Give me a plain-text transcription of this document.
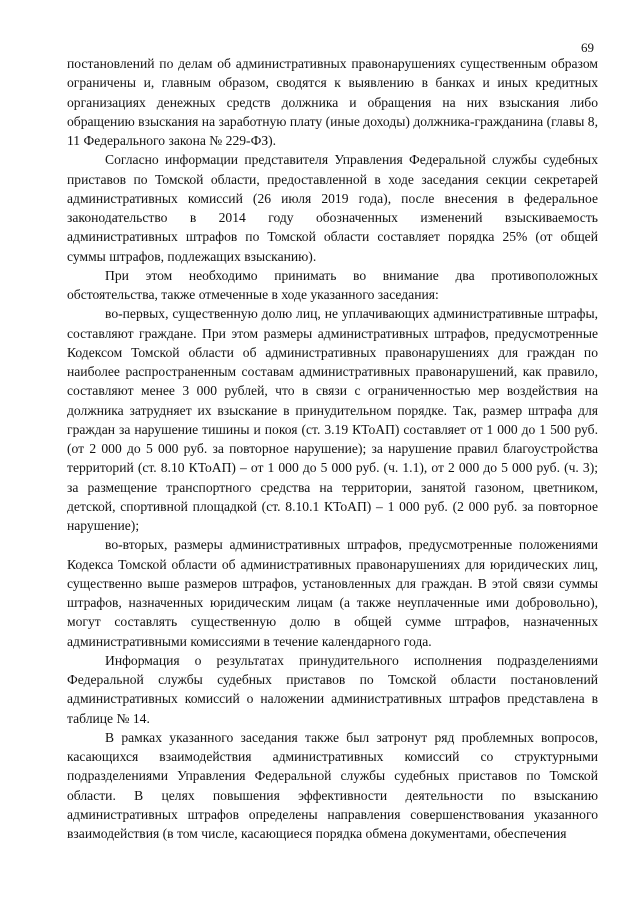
69

постановлений по делам об административных правонарушениях существенным образом ограничены и, главным образом, сводятся к выявлению в банках и иных кредитных организациях денежных средств должника и обращения на них взыскания либо обращению взыскания на заработную плату (иные доходы) должника-гражданина (главы 8, 11 Федерального закона № 229-ФЗ).

Согласно информации представителя Управления Федеральной службы судебных приставов по Томской области, предоставленной в ходе заседания секции секретарей административных комиссий (26 июля 2019 года), после внесения в федеральное законодательство в 2014 году обозначенных изменений взыскиваемость административных штрафов по Томской области составляет порядка 25% (от общей суммы штрафов, подлежащих взысканию).

При этом необходимо принимать во внимание два противоположных обстоятельства, также отмеченные в ходе указанного заседания:

во-первых, существенную долю лиц, не уплачивающих административные штрафы, составляют граждане. При этом размеры административных штрафов, предусмотренные Кодексом Томской области об административных правонарушениях для граждан по наиболее распространенным составам административных правонарушений, как правило, составляют менее 3 000 рублей, что в связи с ограниченностью мер воздействия на должника затрудняет их взыскание в принудительном порядке. Так, размер штрафа для граждан за нарушение тишины и покоя (ст. 3.19 КТоАП) составляет от 1 000 до 1 500 руб. (от 2 000 до 5 000 руб. за повторное нарушение); за нарушение правил благоустройства территорий (ст. 8.10 КТоАП) – от 1 000 до 5 000 руб. (ч. 1.1), от 2 000 до 5 000 руб. (ч. 3); за размещение транспортного средства на территории, занятой газоном, цветником, детской, спортивной площадкой (ст. 8.10.1 КТоАП) – 1 000 руб. (2 000 руб. за повторное нарушение);

во-вторых, размеры административных штрафов, предусмотренные положениями Кодекса Томской области об административных правонарушениях для юридических лиц, существенно выше размеров штрафов, установленных для граждан. В этой связи суммы штрафов, назначенных юридическим лицам (а также неуплаченные ими добровольно), могут составлять существенную долю в общей сумме штрафов, назначенных административными комиссиями в течение календарного года.

Информация о результатах принудительного исполнения подразделениями Федеральной службы судебных приставов по Томской области постановлений административных комиссий о наложении административных штрафов представлена в таблице № 14.

В рамках указанного заседания также был затронут ряд проблемных вопросов, касающихся взаимодействия административных комиссий со структурными подразделениями Управления Федеральной службы судебных приставов по Томской области. В целях повышения эффективности деятельности по взысканию административных штрафов определены направления совершенствования указанного взаимодействия (в том числе, касающиеся порядка обмена документами, обеспечения
